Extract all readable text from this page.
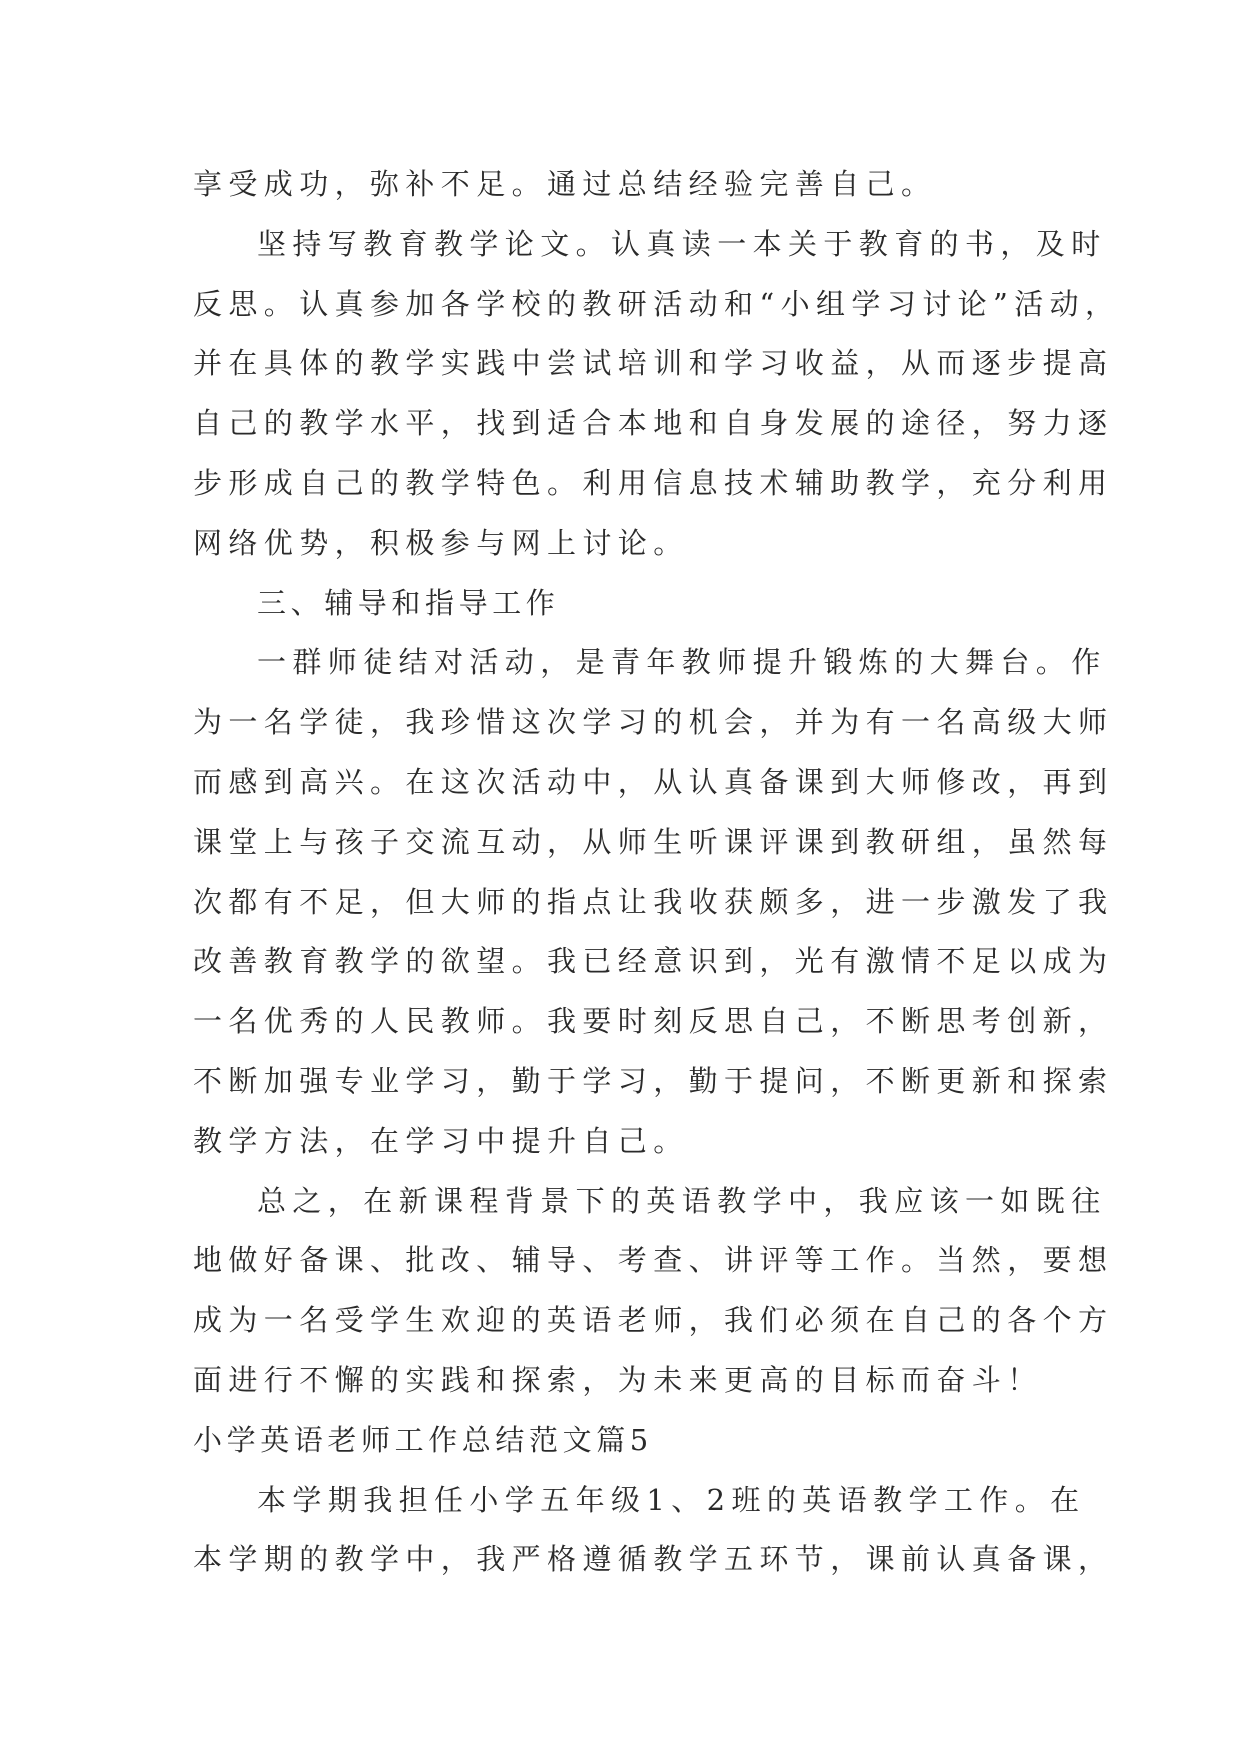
享受成功，弥补不足。通过总结经验完善自己。
坚持写教育教学论文。认真读一本关于教育的书，及时
反思。认真参加各学校的教研活动和“小组学习讨论”活动，
并在具体的教学实践中尝试培训和学习收益，从而逐步提高
自己的教学水平，找到适合本地和自身发展的途径，努力逐
步形成自己的教学特色。利用信息技术辅助教学，充分利用
网络优势，积极参与网上讨论。
三、辅导和指导工作
一群师徒结对活动，是青年教师提升锻炼的大舞台。作
为一名学徒，我珍惜这次学习的机会，并为有一名高级大师
而感到高兴。在这次活动中，从认真备课到大师修改，再到
课堂上与孩子交流互动，从师生听课评课到教研组，虽然每
次都有不足，但大师的指点让我收获颇多，进一步激发了我
改善教育教学的欲望。我已经意识到，光有激情不足以成为
一名优秀的人民教师。我要时刻反思自己，不断思考创新，
不断加强专业学习，勤于学习，勤于提问，不断更新和探索
教学方法，在学习中提升自己。
总之，在新课程背景下的英语教学中，我应该一如既往
地做好备课、批改、辅导、考查、讲评等工作。当然，要想
成为一名受学生欢迎的英语老师，我们必须在自己的各个方
面进行不懈的实践和探索，为未来更高的目标而奋斗！
小学英语老师工作总结范文篇5
本学期我担任小学五年级1、2班的英语教学工作。在
本学期的教学中，我严格遵循教学五环节，课前认真备课，
